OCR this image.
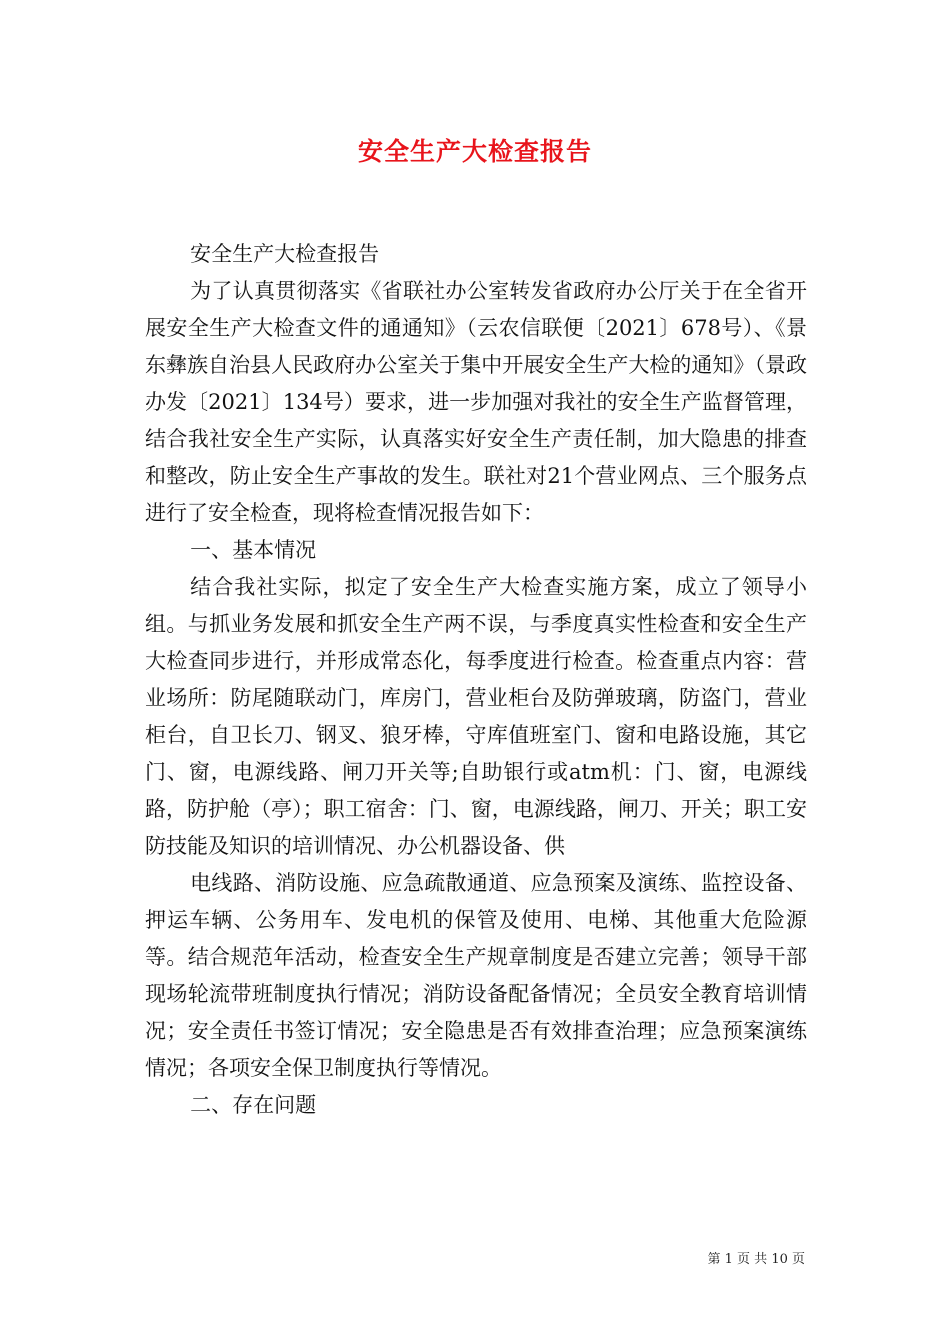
安全生产大检查报告

安全生产大检查报告

为了认真贯彻落实《省联社办公室转发省政府办公厅关于在全省开展安全生产大检查文件的通通知》（云农信联便〔2021〕678号）、《景东彝族自治县人民政府办公室关于集中开展安全生产大检的通知》（景政办发〔2021〕134号）要求，进一步加强对我社的安全生产监督管理，结合我社安全生产实际，认真落实好安全生产责任制，加大隐患的排查和整改，防止安全生产事故的发生。联社对21个营业网点、三个服务点进行了安全检查，现将检查情况报告如下：

一、基本情况

结合我社实际，拟定了安全生产大检查实施方案，成立了领导小组。与抓业务发展和抓安全生产两不误，与季度真实性检查和安全生产大检查同步进行，并形成常态化，每季度进行检查。检查重点内容：营业场所：防尾随联动门，库房门，营业柜台及防弹玻璃，防盗门，营业柜台，自卫长刀、钢叉、狼牙棒，守库值班室门、窗和电路设施，其它门、窗，电源线路、闸刀开关等;自助银行或atm机：门、窗，电源线路，防护舱（亭）；职工宿舍：门、窗，电源线路，闸刀、开关；职工安防技能及知识的培训情况、办公机器设备、供

电线路、消防设施、应急疏散通道、应急预案及演练、监控设备、押运车辆、公务用车、发电机的保管及使用、电梯、其他重大危险源等。结合规范年活动，检查安全生产规章制度是否建立完善；领导干部现场轮流带班制度执行情况；消防设备配备情况；全员安全教育培训情况；安全责任书签订情况；安全隐患是否有效排查治理；应急预案演练情况；各项安全保卫制度执行等情况。

二、存在问题

第 1 页 共 10 页
